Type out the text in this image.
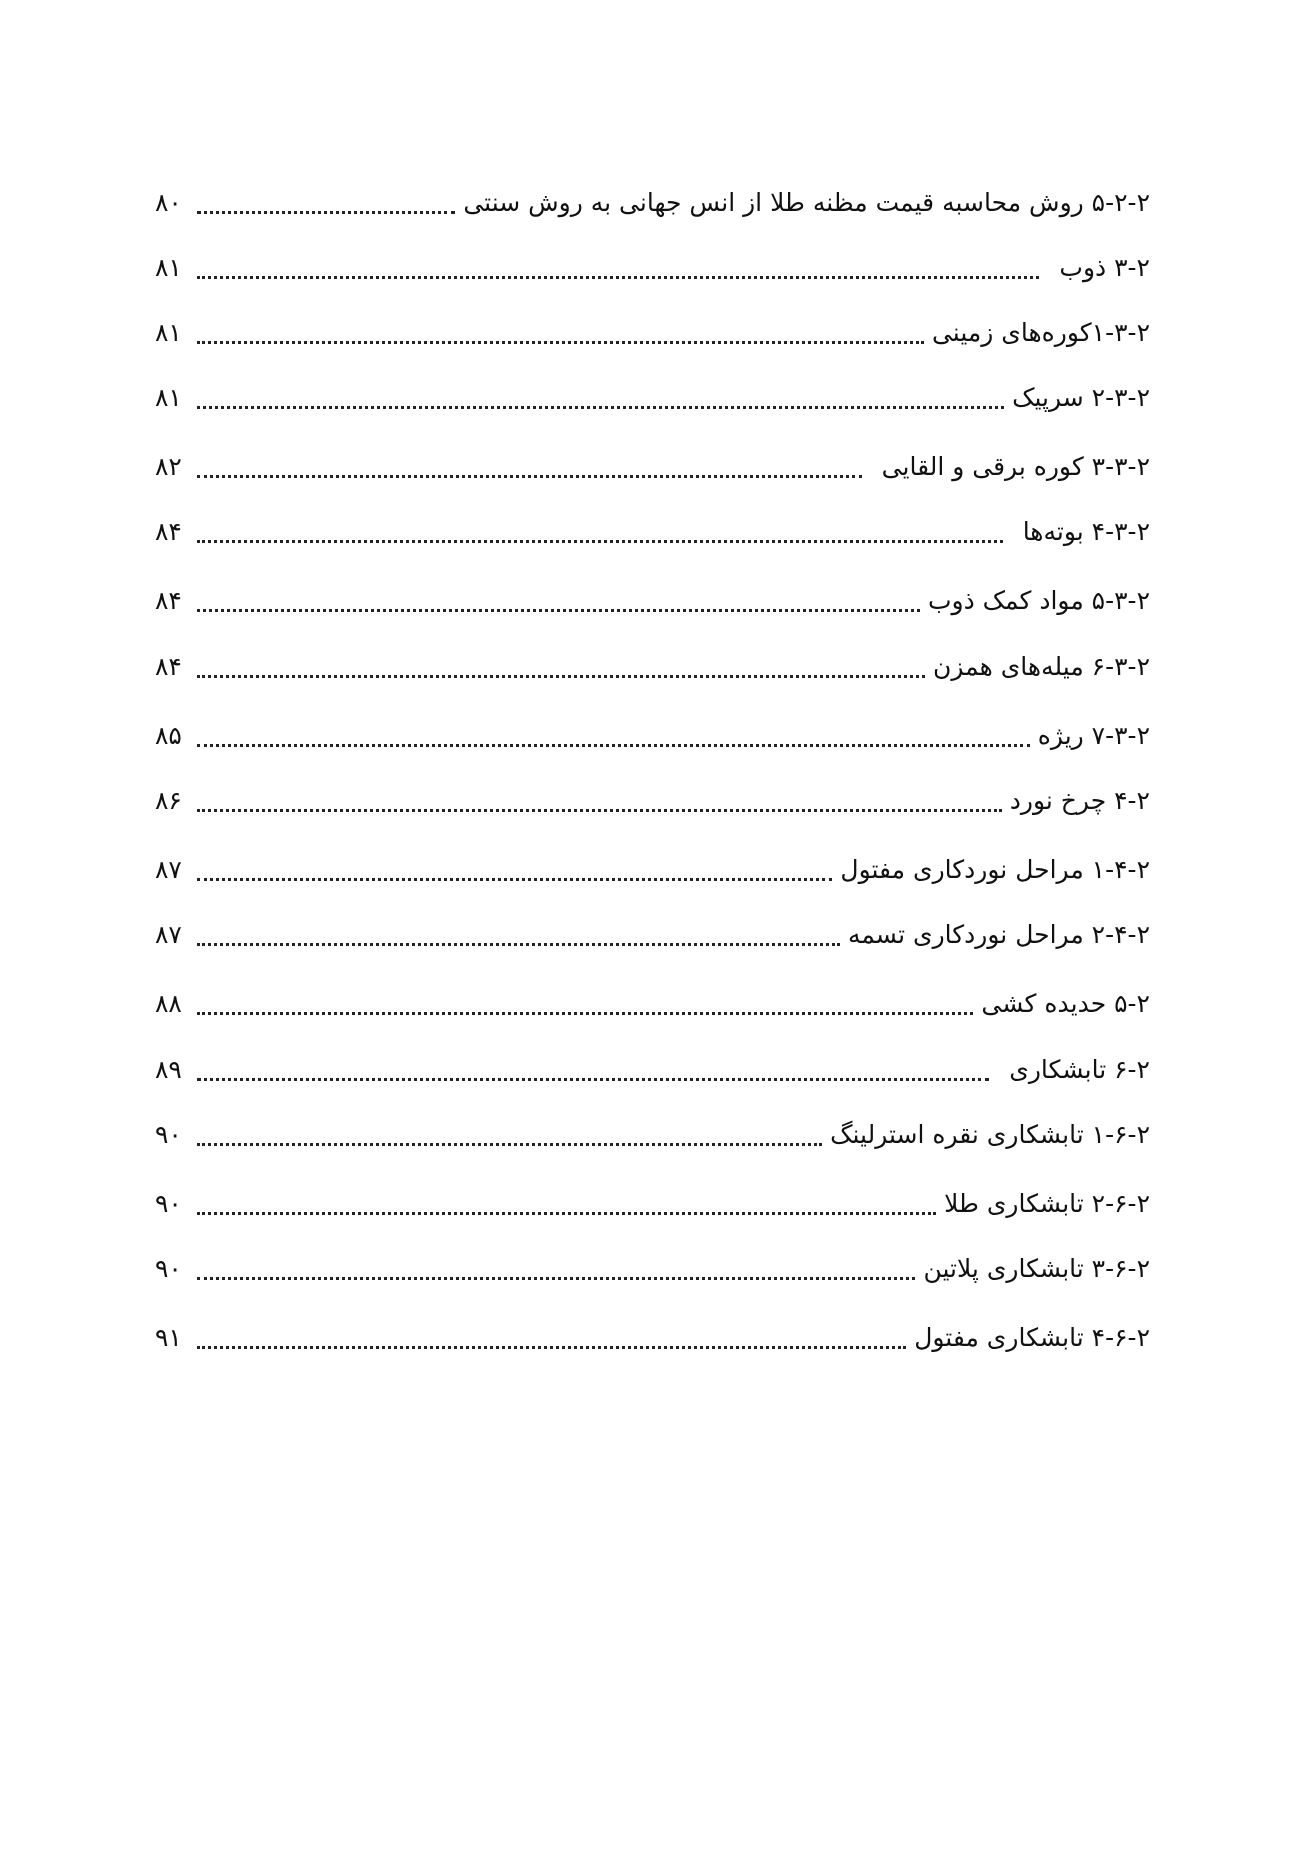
۵-۲-۲ روش محاسبه قیمت مظنه طلا از انس جهانی به روش سنتی
۸۰
۳-۲ ذوب
۸۱
۱-۳-۲کوره‌های زمینی
۸۱
۲-۳-۲ سرپیک
۸۱
۳-۳-۲ کوره برقی و القایی
۸۲
۴-۳-۲ بوته‌ها
۸۴
۵-۳-۲ مواد کمک ذوب
۸۴
۶-۳-۲ میله‌های همزن
۸۴
۷-۳-۲ ریژه
۸۵
۴-۲ چرخ نورد
۸۶
۱-۴-۲ مراحل نوردکاری مفتول
۸۷
۲-۴-۲ مراحل نوردکاری تسمه
۸۷
۵-۲ حدیده کشی
۸۸
۶-۲ تابشکاری
۸۹
۱-۶-۲ تابشکاری نقره استرلینگ
۹۰
۲-۶-۲ تابشکاری طلا
۹۰
۳-۶-۲ تابشکاری پلاتین
۹۰
۴-۶-۲ تابشکاری مفتول
۹۱
